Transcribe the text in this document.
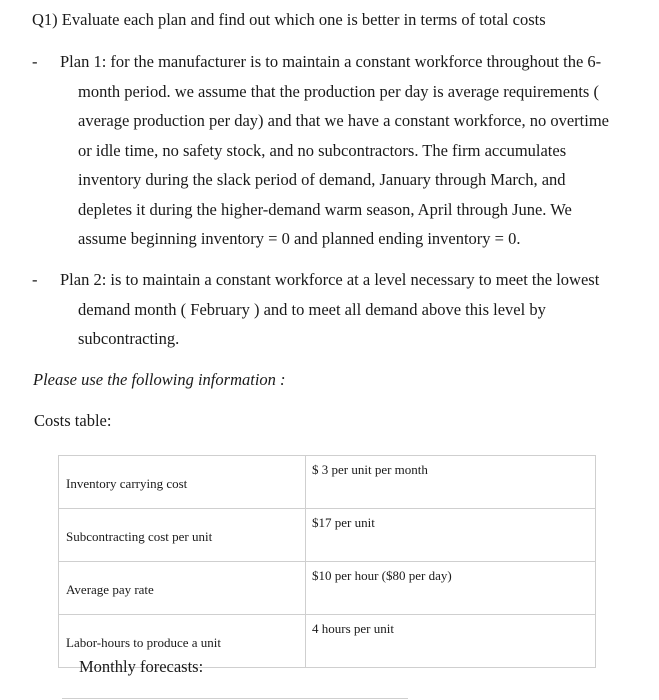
Q1) Evaluate each plan and find out which one is better in terms of total costs
-	Plan 1: for the manufacturer is to maintain a constant workforce throughout the 6-month period. we assume that the production per day is average requirements ( average production per day) and that we have a constant workforce, no overtime or idle time, no safety stock, and no subcontractors. The firm accumulates inventory during the slack period of demand, January through March, and depletes it during the higher-demand warm season, April through June. We assume beginning inventory = 0 and planned ending inventory = 0.
-	Plan 2: is to maintain a constant workforce at a level necessary to meet the lowest demand month ( February ) and to meet all demand above this level by subcontracting.
Please use the following information :
Costs table:
Inventory carrying cost	$ 3 per unit per month
Subcontracting cost per unit	$17 per unit
Average pay rate	$10 per hour ($80 per day)
Labor-hours to produce a unit	4 hours per unit
Monthly forecasts:
